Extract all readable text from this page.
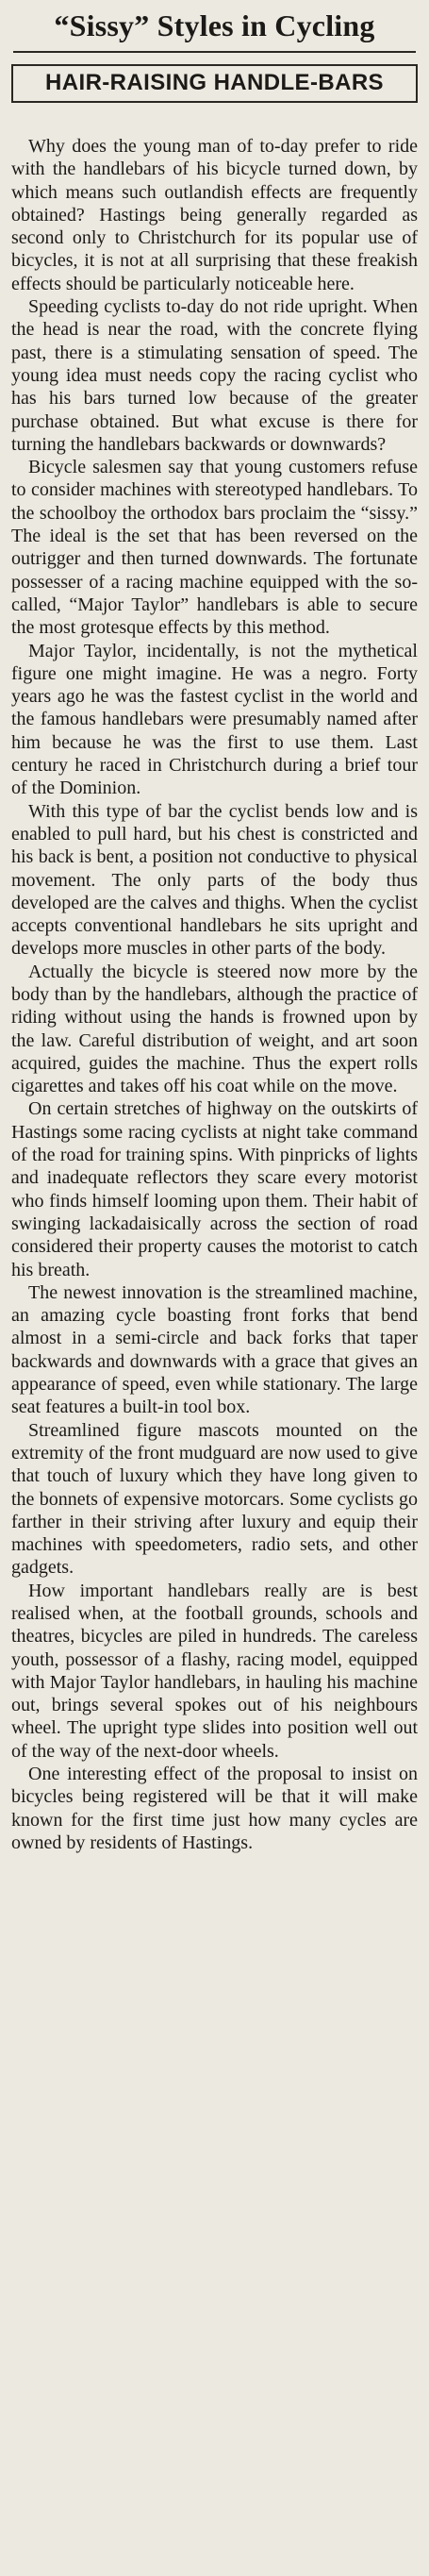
“Sissy” Styles in Cycling
HAIR-RAISING HANDLE-BARS

Why does the young man of to-day prefer to ride with the handlebars of his bicycle turned down, by which means such outlandish effects are frequently obtained? Hastings being generally regarded as second only to Christchurch for its popular use of bicycles, it is not at all surprising that these freakish effects should be particularly noticeable here.

Speeding cyclists to-day do not ride upright. When the head is near the road, with the concrete flying past, there is a stimulating sensation of speed. The young idea must needs copy the racing cyclist who has his bars turned low because of the greater purchase obtained. But what excuse is there for turning the handlebars backwards or downwards?

Bicycle salesmen say that young customers refuse to consider machines with stereotyped handlebars. To the schoolboy the orthodox bars proclaim the “sissy.” The ideal is the set that has been reversed on the outrigger and then turned downwards. The fortunate possesser of a racing machine equipped with the so-called, “Major Taylor” handlebars is able to secure the most grotesque effects by this method.

Major Taylor, incidentally, is not the mythetical figure one might imagine. He was a negro. Forty years ago he was the fastest cyclist in the world and the famous handlebars were presumably named after him because he was the first to use them. Last century he raced in Christchurch during a brief tour of the Dominion.

With this type of bar the cyclist bends low and is enabled to pull hard, but his chest is constricted and his back is bent, a position not conductive to physical movement. The only parts of the body thus developed are the calves and thighs. When the cyclist accepts conventional handlebars he sits upright and develops more muscles in other parts of the body.

Actually the bicycle is steered now more by the body than by the handlebars, although the practice of riding without using the hands is frowned upon by the law. Careful distribution of weight, and art soon acquired, guides the machine. Thus the expert rolls cigarettes and takes off his coat while on the move.

On certain stretches of highway on the outskirts of Hastings some racing cyclists at night take command of the road for training spins. With pinpricks of lights and inadequate reflectors they scare every motorist who finds himself looming upon them. Their habit of swinging lackadaisically across the section of road considered their property causes the motorist to catch his breath.

The newest innovation is the streamlined machine, an amazing cycle boasting front forks that bend almost in a semi-circle and back forks that taper backwards and downwards with a grace that gives an appearance of speed, even while stationary. The large seat features a built-in tool box.

Streamlined figure mascots mounted on the extremity of the front mudguard are now used to give that touch of luxury which they have long given to the bonnets of expensive motorcars. Some cyclists go farther in their striving after luxury and equip their machines with speedometers, radio sets, and other gadgets.

How important handlebars really are is best realised when, at the football grounds, schools and theatres, bicycles are piled in hundreds. The careless youth, possessor of a flashy, racing model, equipped with Major Taylor handlebars, in hauling his machine out, brings several spokes out of his neighbours wheel. The upright type slides into position well out of the way of the next-door wheels.

One interesting effect of the proposal to insist on bicycles being registered will be that it will make known for the first time just how many cycles are owned by residents of Hastings.
